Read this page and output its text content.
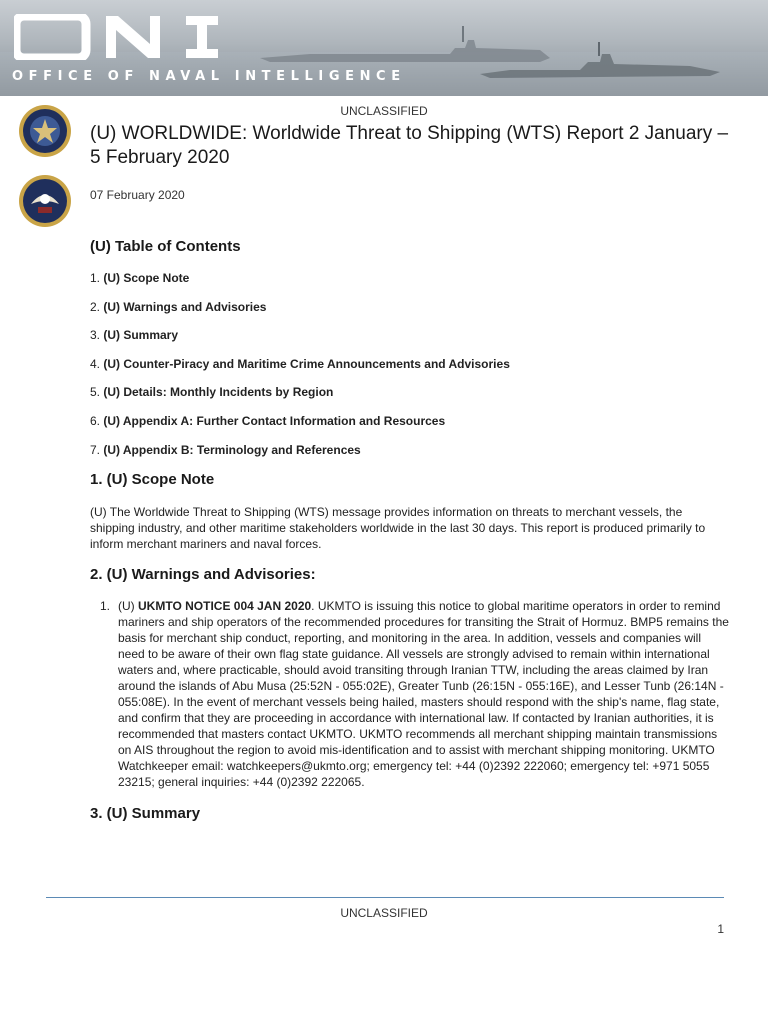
OFFICE OF NAVAL INTELLIGENCE
UNCLASSIFIED
(U) WORLDWIDE: Worldwide Threat to Shipping (WTS) Report 2 January – 5 February 2020
07 February 2020
(U) Table of Contents
1. (U) Scope Note
2. (U) Warnings and Advisories
3. (U) Summary
4. (U) Counter-Piracy and Maritime Crime Announcements and Advisories
5. (U) Details: Monthly Incidents by Region
6. (U) Appendix A: Further Contact Information and Resources
7. (U) Appendix B: Terminology and References
1. (U) Scope Note

(U) The Worldwide Threat to Shipping (WTS) message provides information on threats to merchant vessels, the shipping industry, and other maritime stakeholders worldwide in the last 30 days. This report is produced primarily to inform merchant mariners and naval forces.

2. (U) Warnings and Advisories:
1. (U) UKMTO NOTICE 004 JAN 2020. UKMTO is issuing this notice to global maritime operators in order to remind mariners and ship operators of the recommended procedures for transiting the Strait of Hormuz. BMP5 remains the basis for merchant ship conduct, reporting, and monitoring in the area. In addition, vessels and companies will need to be aware of their own flag state guidance. All vessels are strongly advised to remain within international waters and, where practicable, should avoid transiting through Iranian TTW, including the areas claimed by Iran around the islands of Abu Musa (25:52N - 055:02E), Greater Tunb (26:15N - 055:16E), and Lesser Tunb (26:14N - 055:08E). In the event of merchant vessels being hailed, masters should respond with the ship's name, flag state, and confirm that they are proceeding in accordance with international law. If contacted by Iranian authorities, it is recommended that masters contact UKMTO. UKMTO recommends all merchant shipping maintain transmissions on AIS throughout the region to avoid mis-identification and to assist with merchant shipping monitoring. UKMTO Watchkeeper email: watchkeepers@ukmto.org; emergency tel: +44 (0)2392 222060; emergency tel: +971 5055 23215; general inquiries: +44 (0)2392 222065.

3. (U) Summary
UNCLASSIFIED
1
